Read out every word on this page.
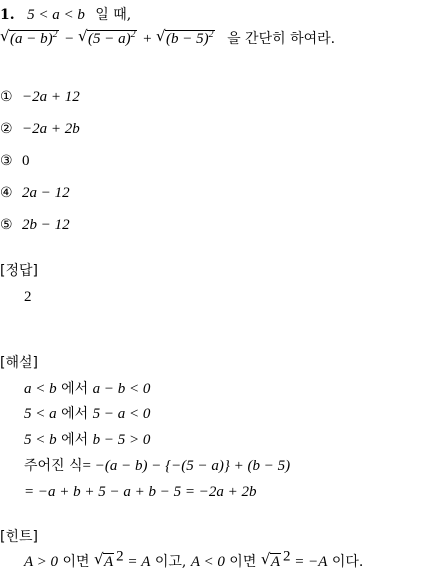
1. 5 < a < b 일 때,
√ $(a - b)^2$ − √ $(5 - a)^2$ + √ $(b - 5)^2$ 을 간단히 하여라.
① −2a + 12
② −2a + 2b
③ 0
④ 2a − 12
⑤ 2b − 12
[정답]
2
[해설]
a < b 에서 a − b < 0
5 < a 에서 5 − a < 0
5 < b 에서 b − 5 > 0
주어진 식= −(a − b) − {−(5 − a)} + (b − 5)
= −a + b + 5 − a + b − 5 = −2a + 2b
[힌트]
A > 0 이면 √ A $^2$ = A 이고, A < 0 이면 √ A $^2$ = −A 이다.
